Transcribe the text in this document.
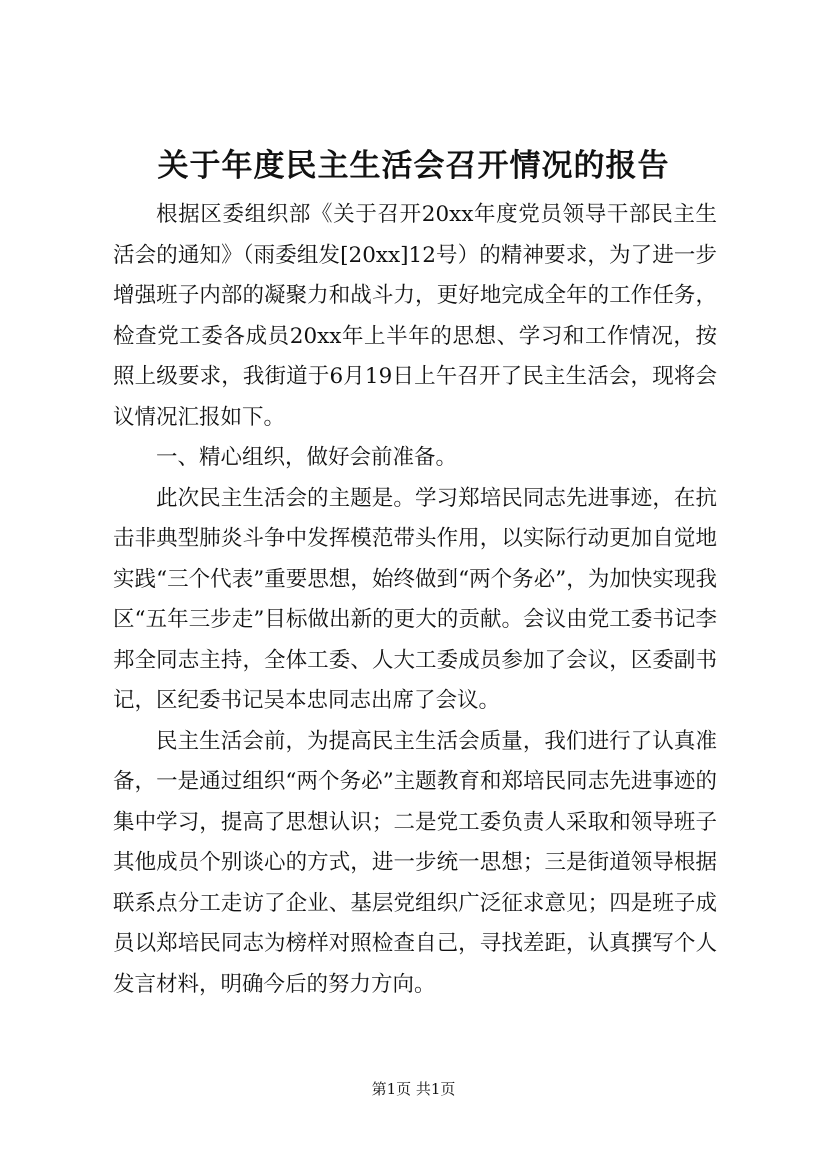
关于年度民主生活会召开情况的报告

根据区委组织部《关于召开20xx年度党员领导干部民主生活会的通知》（雨委组发[20xx]12号）的精神要求，为了进一步增强班子内部的凝聚力和战斗力，更好地完成全年的工作任务，检查党工委各成员20xx年上半年的思想、学习和工作情况，按照上级要求，我街道于6月19日上午召开了民主生活会，现将会议情况汇报如下。

一、精心组织，做好会前准备。

此次民主生活会的主题是。学习郑培民同志先进事迹，在抗击非典型肺炎斗争中发挥模范带头作用，以实际行动更加自觉地实践“三个代表”重要思想，始终做到“两个务必”，为加快实现我区“五年三步走”目标做出新的更大的贡献。会议由党工委书记李邦全同志主持，全体工委、人大工委成员参加了会议，区委副书记，区纪委书记吴本忠同志出席了会议。

民主生活会前，为提高民主生活会质量，我们进行了认真准备，一是通过组织“两个务必”主题教育和郑培民同志先进事迹的集中学习，提高了思想认识；二是党工委负责人采取和领导班子其他成员个别谈心的方式，进一步统一思想；三是街道领导根据联系点分工走访了企业、基层党组织广泛征求意见；四是班子成员以郑培民同志为榜样对照检查自己，寻找差距，认真撰写个人发言材料，明确今后的努力方向。

第1页 共1页
